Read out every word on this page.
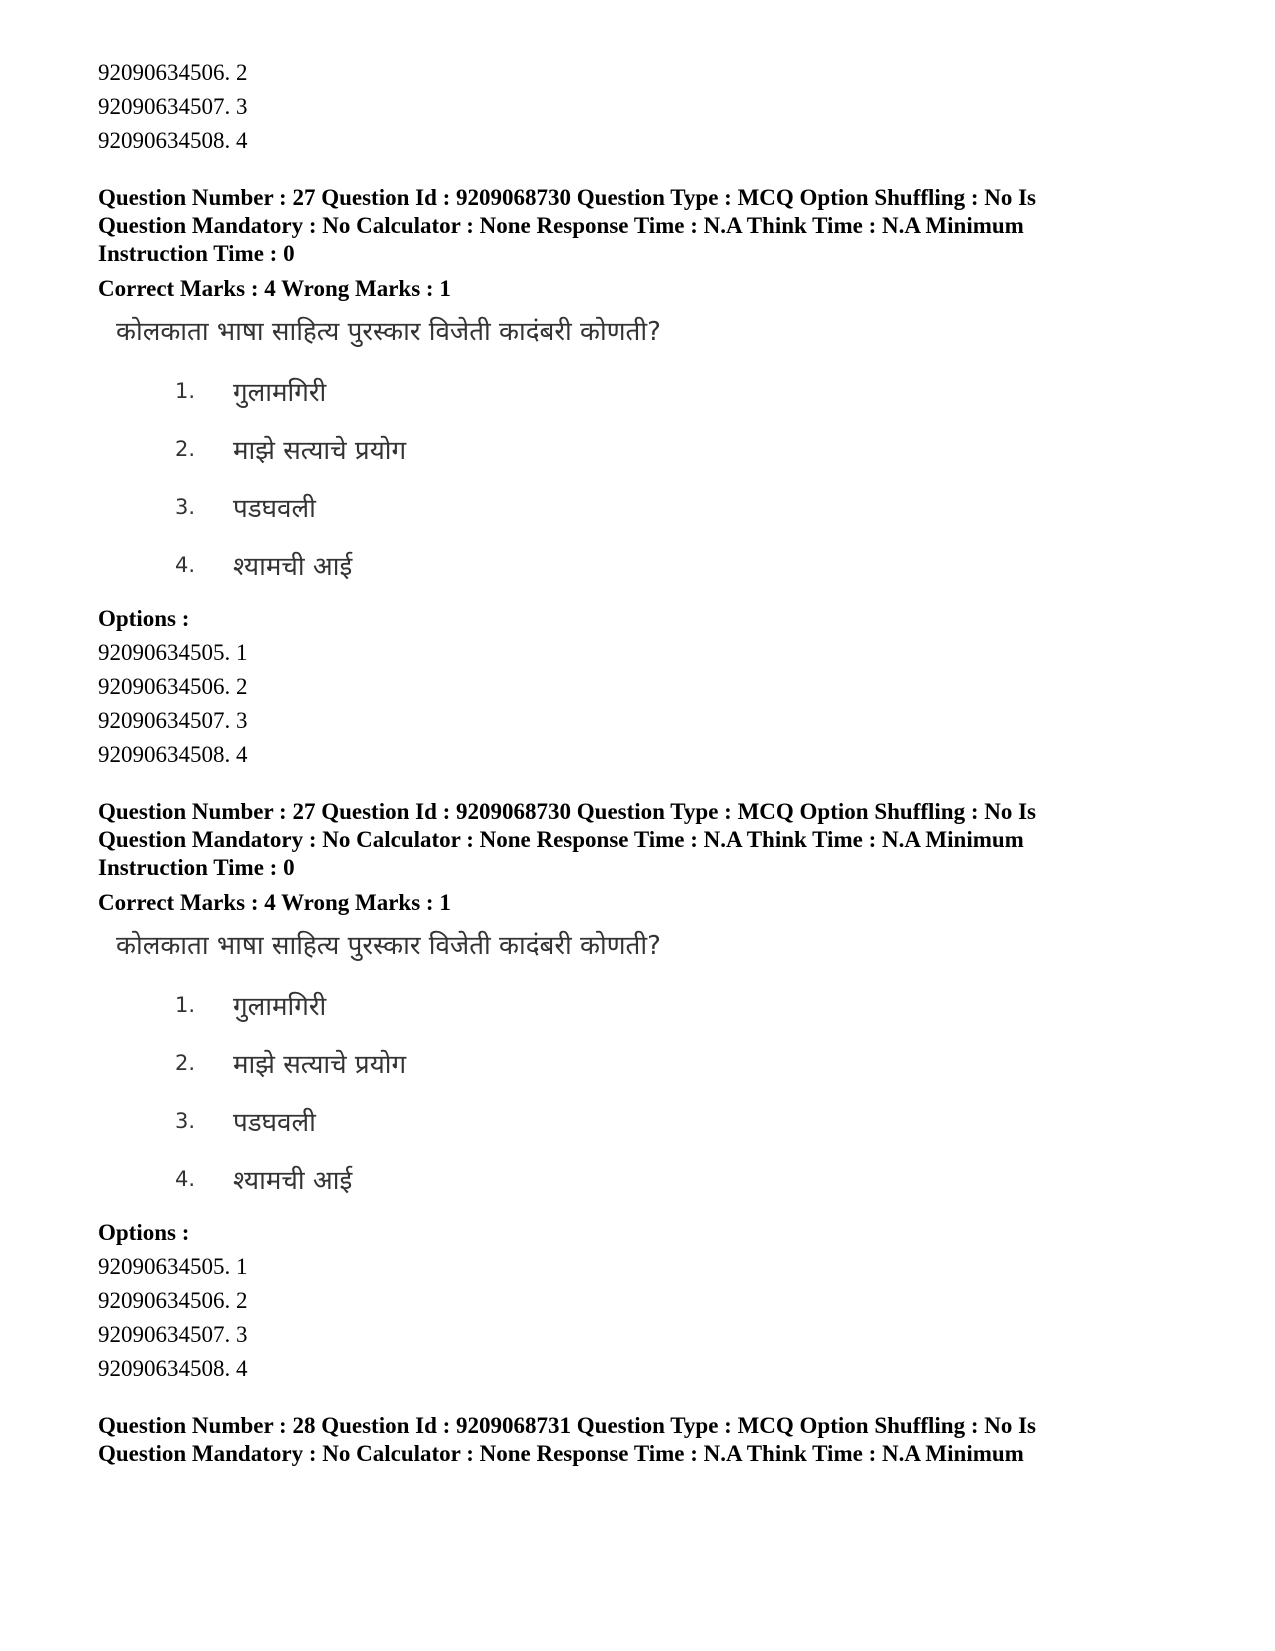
92090634506. 2
92090634507. 3
92090634508. 4
Question Number : 27 Question Id : 9209068730 Question Type : MCQ Option Shuffling : No Is
Question Mandatory : No Calculator : None Response Time : N.A Think Time : N.A Minimum
Instruction Time : 0
Correct Marks : 4 Wrong Marks : 1
कोलकाता भाषा साहित्य पुरस्कार विजेती कादंबरी कोणती?
1.	गुलामगिरी
2.	माझे सत्याचे प्रयोग
3.	पडघवली
4.	श्यामची आई
Options :
92090634505. 1
92090634506. 2
92090634507. 3
92090634508. 4
Question Number : 27 Question Id : 9209068730 Question Type : MCQ Option Shuffling : No Is
Question Mandatory : No Calculator : None Response Time : N.A Think Time : N.A Minimum
Instruction Time : 0
Correct Marks : 4 Wrong Marks : 1
कोलकाता भाषा साहित्य पुरस्कार विजेती कादंबरी कोणती?
1.	गुलामगिरी
2.	माझे सत्याचे प्रयोग
3.	पडघवली
4.	श्यामची आई
Options :
92090634505. 1
92090634506. 2
92090634507. 3
92090634508. 4
Question Number : 28 Question Id : 9209068731 Question Type : MCQ Option Shuffling : No Is
Question Mandatory : No Calculator : None Response Time : N.A Think Time : N.A Minimum
